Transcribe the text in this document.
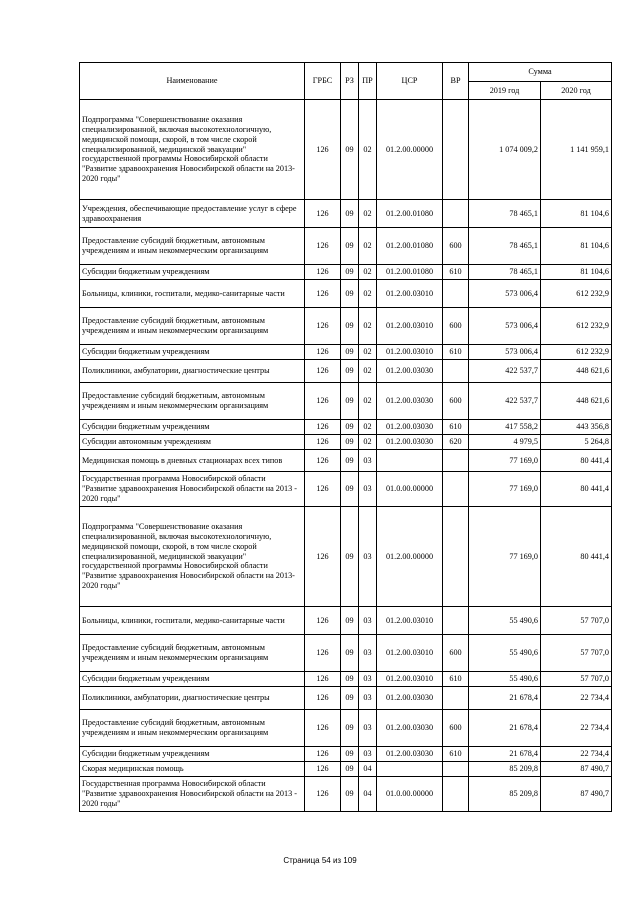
Наименование	ГРБС	РЗ	ПР	ЦСР	ВР	Сумма	
						2019 год	2020 год
Подпрограмма "Совершенствование оказания специализированной, включая высокотехнологичную, медицинской помощи, скорой, в том числе скорой специализированной, медицинской эвакуации" государственной программы Новосибирской области "Развитие здравоохранения Новосибирской области на 2013-2020 годы"	126	09	02	01.2.00.00000		1 074 009,2	1 141 959,1
Учреждения, обеспечивающие предоставление услуг в сфере здравоохранения	126	09	02	01.2.00.01080		78 465,1	81 104,6
Предоставление субсидий бюджетным, автономным учреждениям и иным некоммерческим организациям	126	09	02	01.2.00.01080	600	78 465,1	81 104,6
Субсидии бюджетным учреждениям	126	09	02	01.2.00.01080	610	78 465,1	81 104,6
Больницы, клиники, госпитали, медико-санитарные части	126	09	02	01.2.00.03010		573 006,4	612 232,9
Предоставление субсидий бюджетным, автономным учреждениям и иным некоммерческим организациям	126	09	02	01.2.00.03010	600	573 006,4	612 232,9
Субсидии бюджетным учреждениям	126	09	02	01.2.00.03010	610	573 006,4	612 232,9
Поликлиники, амбулатории, диагностические центры	126	09	02	01.2.00.03030		422 537,7	448 621,6
Предоставление субсидий бюджетным, автономным учреждениям и иным некоммерческим организациям	126	09	02	01.2.00.03030	600	422 537,7	448 621,6
Субсидии бюджетным учреждениям	126	09	02	01.2.00.03030	610	417 558,2	443 356,8
Субсидии автономным учреждениям	126	09	02	01.2.00.03030	620	4 979,5	5 264,8
Медицинская помощь в дневных стационарах всех типов	126	09	03			77 169,0	80 441,4
Государственная программа Новосибирской области "Развитие здравоохранения Новосибирской области на 2013 - 2020 годы"	126	09	03	01.0.00.00000		77 169,0	80 441,4
Подпрограмма "Совершенствование оказания специализированной, включая высокотехнологичную, медицинской помощи, скорой, в том числе скорой специализированной, медицинской эвакуации" государственной программы Новосибирской области "Развитие здравоохранения Новосибирской области на 2013-2020 годы"	126	09	03	01.2.00.00000		77 169,0	80 441,4
Больницы, клиники, госпитали, медико-санитарные части	126	09	03	01.2.00.03010		55 490,6	57 707,0
Предоставление субсидий бюджетным, автономным учреждениям и иным некоммерческим организациям	126	09	03	01.2.00.03010	600	55 490,6	57 707,0
Субсидии бюджетным учреждениям	126	09	03	01.2.00.03010	610	55 490,6	57 707,0
Поликлиники, амбулатории, диагностические центры	126	09	03	01.2.00.03030		21 678,4	22 734,4
Предоставление субсидий бюджетным, автономным учреждениям и иным некоммерческим организациям	126	09	03	01.2.00.03030	600	21 678,4	22 734,4
Субсидии бюджетным учреждениям	126	09	03	01.2.00.03030	610	21 678,4	22 734,4
Скорая медицинская помощь	126	09	04			85 209,8	87 490,7
Государственная программа Новосибирской области "Развитие здравоохранения Новосибирской области на 2013 - 2020 годы"	126	09	04	01.0.00.00000		85 209,8	87 490,7
Страница 54 из 109
